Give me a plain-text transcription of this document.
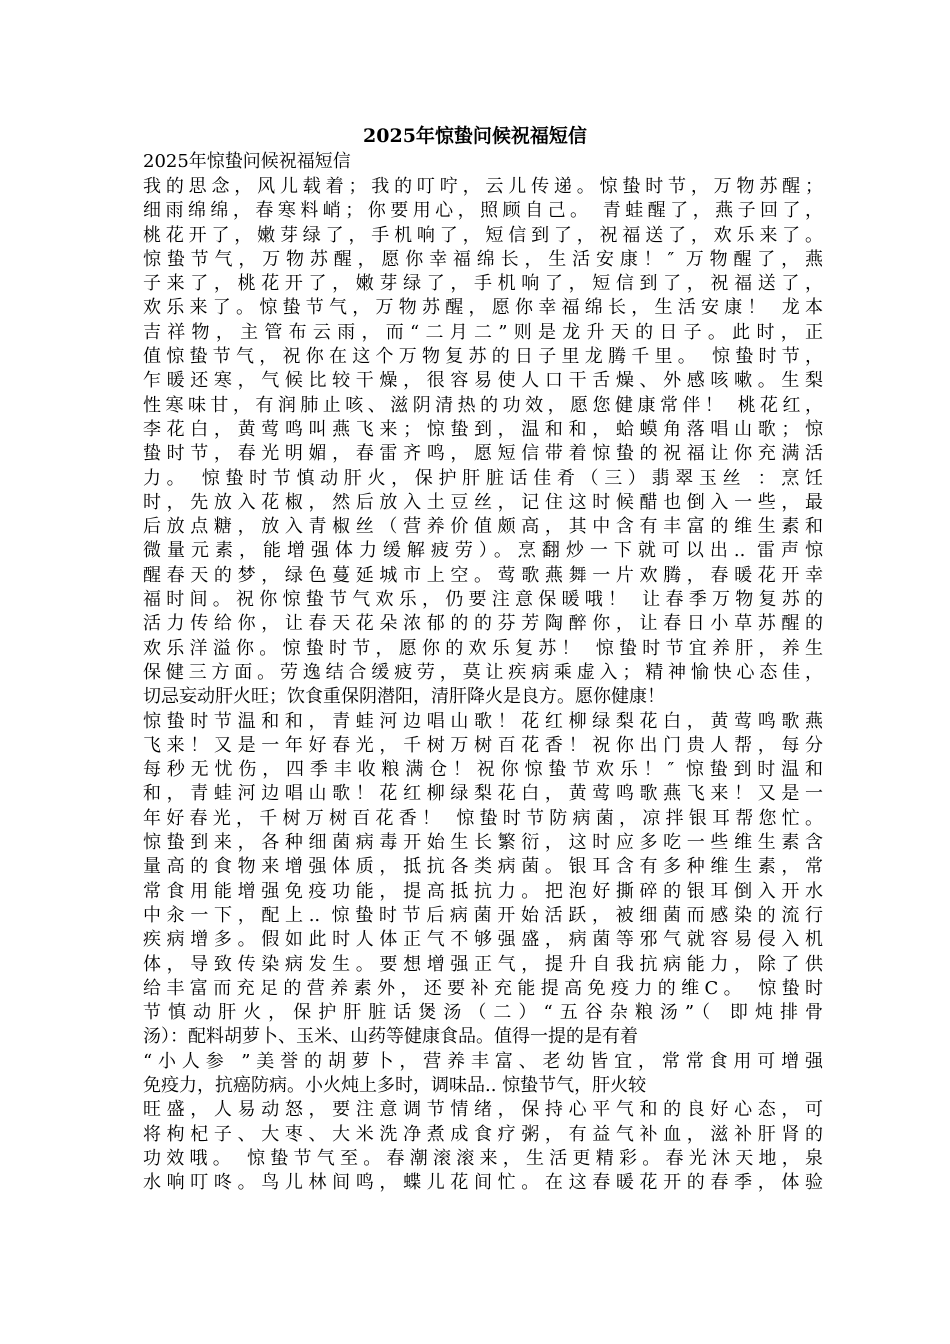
2025年惊蛰问候祝福短信
2025年惊蛰问候祝福短信
我的思念，风儿载着；我的叮咛，云儿传递。惊蛰时节，万物苏醒；
细雨绵绵，春寒料峭；你要用心，照顾自己。 青蛙醒了，燕子回了，
桃花开了，嫩芽绿了，手机响了，短信到了，祝福送了，欢乐来了。
惊蛰节气，万物苏醒，愿你幸福绵长，生活安康！″ 万物醒了，燕
子来了，桃花开了，嫩芽绿了，手机响了，短信到了，祝福送了，
欢乐来了。惊蛰节气，万物苏醒，愿你幸福绵长，生活安康！ 龙本
吉祥物，主管布云雨，而“二月二”则是龙升天的日子。此时，正
值惊蛰节气，祝你在这个万物复苏的日子里龙腾千里。 惊蛰时节，
乍暖还寒，气候比较干燥，很容易使人口干舌燥、外感咳嗽。生梨
性寒味甘，有润肺止咳、滋阴清热的功效，愿您健康常伴！ 桃花红，
李花白，黄莺鸣叫燕飞来；惊蛰到，温和和，蛤蟆角落唱山歌；惊
蛰时节，春光明媚，春雷齐鸣，愿短信带着惊蛰的祝福让你充满活
力。 惊蛰时节慎动肝火，保护肝脏话佳肴（三）翡翠玉丝 ：烹饪
时，先放入花椒，然后放入土豆丝，记住这时候醋也倒入一些，最
后放点糖，放入青椒丝（营养价值颇高，其中含有丰富的维生素和
微量元素，能增强体力缓解疲劳）。烹翻炒一下就可以出.. 雷声惊
醒春天的梦，绿色蔓延城市上空。莺歌燕舞一片欢腾，春暖花开幸
福时间。祝你惊蛰节气欢乐，仍要注意保暖哦！ 让春季万物复苏的
活力传给你，让春天花朵浓郁的的芬芳陶醉你，让春日小草苏醒的
欢乐洋溢你。惊蛰时节，愿你的欢乐复苏！ 惊蛰时节宜养肝，养生
保健三方面。劳逸结合缓疲劳，莫让疾病乘虚入；精神愉快心态佳，
切忌妄动肝火旺；饮食重保阴潜阳，清肝降火是良方。愿你健康！
惊蛰时节温和和，青蛙河边唱山歌！花红柳绿梨花白，黄莺鸣歌燕
飞来！又是一年好春光，千树万树百花香！祝你出门贵人帮，每分
每秒无忧伤，四季丰收粮满仓！祝你惊蛰节欢乐！″ 惊蛰到时温和
和，青蛙河边唱山歌！花红柳绿梨花白，黄莺鸣歌燕飞来！又是一
年好春光，千树万树百花香！ 惊蛰时节防病菌，凉拌银耳帮您忙。
惊蛰到来，各种细菌病毒开始生长繁衍，这时应多吃一些维生素含
量高的食物来增强体质，抵抗各类病菌。银耳含有多种维生素，常
常食用能增强免疫功能，提高抵抗力。把泡好撕碎的银耳倒入开水
中汆一下，配上.. 惊蛰时节后病菌开始活跃，被细菌而感染的流行
疾病增多。假如此时人体正气不够强盛，病菌等邪气就容易侵入机
体，导致传染病发生。要想增强正气，提升自我抗病能力，除了供
给丰富而充足的营养素外，还要补充能提高免疫力的维C。 惊蛰时
节慎动肝火，保护肝脏话煲汤（二）“五谷杂粮汤”（ 即炖排骨
汤）：配料胡萝卜、玉米、山药等健康食品。值得一提的是有着
“小人参 ”美誉的胡萝卜，营养丰富、老幼皆宜，常常食用可增强
免疫力，抗癌防病。小火炖上多时，调味品.. 惊蛰节气，肝火较
旺盛，人易动怒，要注意调节情绪，保持心平气和的良好心态，可
将枸杞子、大枣、大米洗净煮成食疗粥，有益气补血，滋补肝肾的
功效哦。 惊蛰节气至。春潮滚滚来，生活更精彩。春光沐天地，泉
水响叮咚。鸟儿林间鸣，蝶儿花间忙。在这春暖花开的春季，体验
